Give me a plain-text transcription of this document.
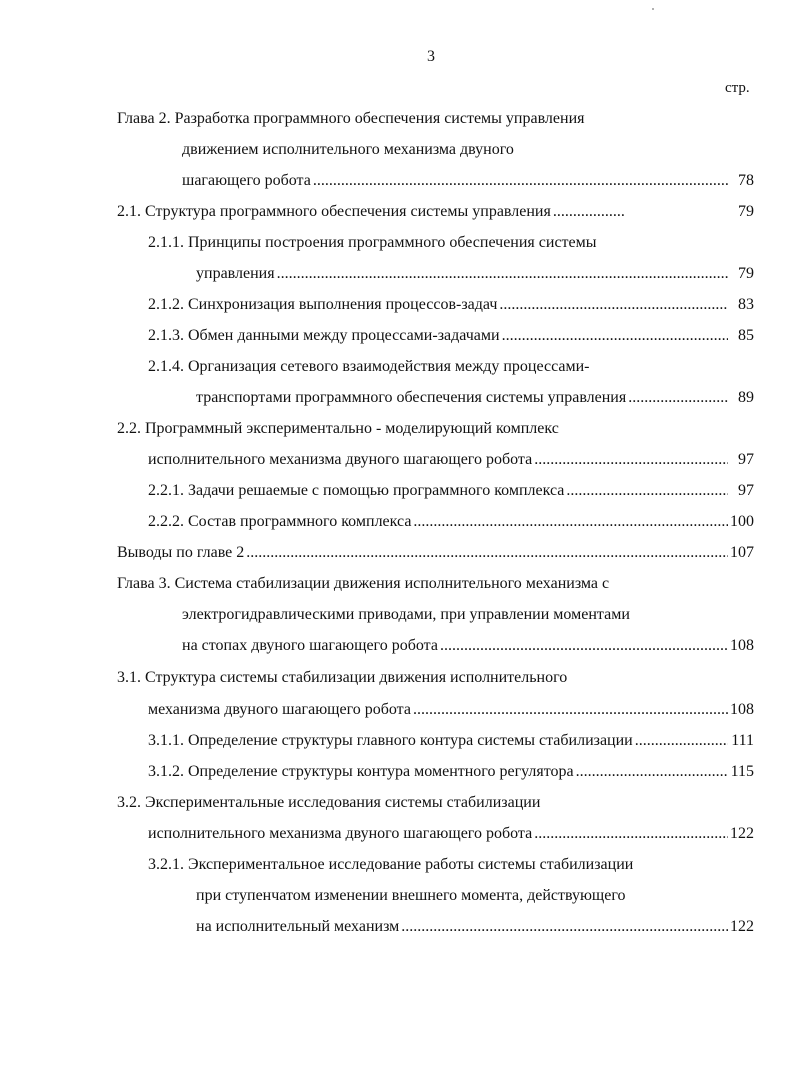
3
стр.
Глава 2. Разработка программного обеспечения системы управления
движением исполнительного механизма двуного
шагающего робота .....	78
2.1. Структура программного обеспечения системы управления .....	79
2.1.1. Принципы построения программного обеспечения системы
управления .....	79
2.1.2. Синхронизация выполнения процессов-задач .....	83
2.1.3. Обмен данными между процессами-задачами .....	85
2.1.4. Организация сетевого взаимодействия между процессами-
транспортами программного обеспечения системы управления .....	89
2.2. Программный экспериментально - моделирующий комплекс
исполнительного механизма двуного шагающего робота .....	97
2.2.1. Задачи решаемые с помощью программного комплекса .....	97
2.2.2. Состав программного комплекса .....	100
Выводы по главе 2 .....	107
Глава 3. Система стабилизации движения исполнительного механизма с
электрогидравлическими приводами, при управлении моментами
на стопах двуного шагающего робота .....	108
3.1. Структура системы стабилизации движения исполнительного
механизма двуного шагающего робота .....	108
3.1.1. Определение структуры главного контура системы стабилизации .....	111
3.1.2. Определение структуры контура моментного регулятора .....	115
3.2. Экспериментальные исследования системы стабилизации
исполнительного механизма двуного шагающего робота .....	122
3.2.1. Экспериментальное исследование работы системы стабилизации
при ступенчатом изменении внешнего момента, действующего
на исполнительный механизм .....	122
